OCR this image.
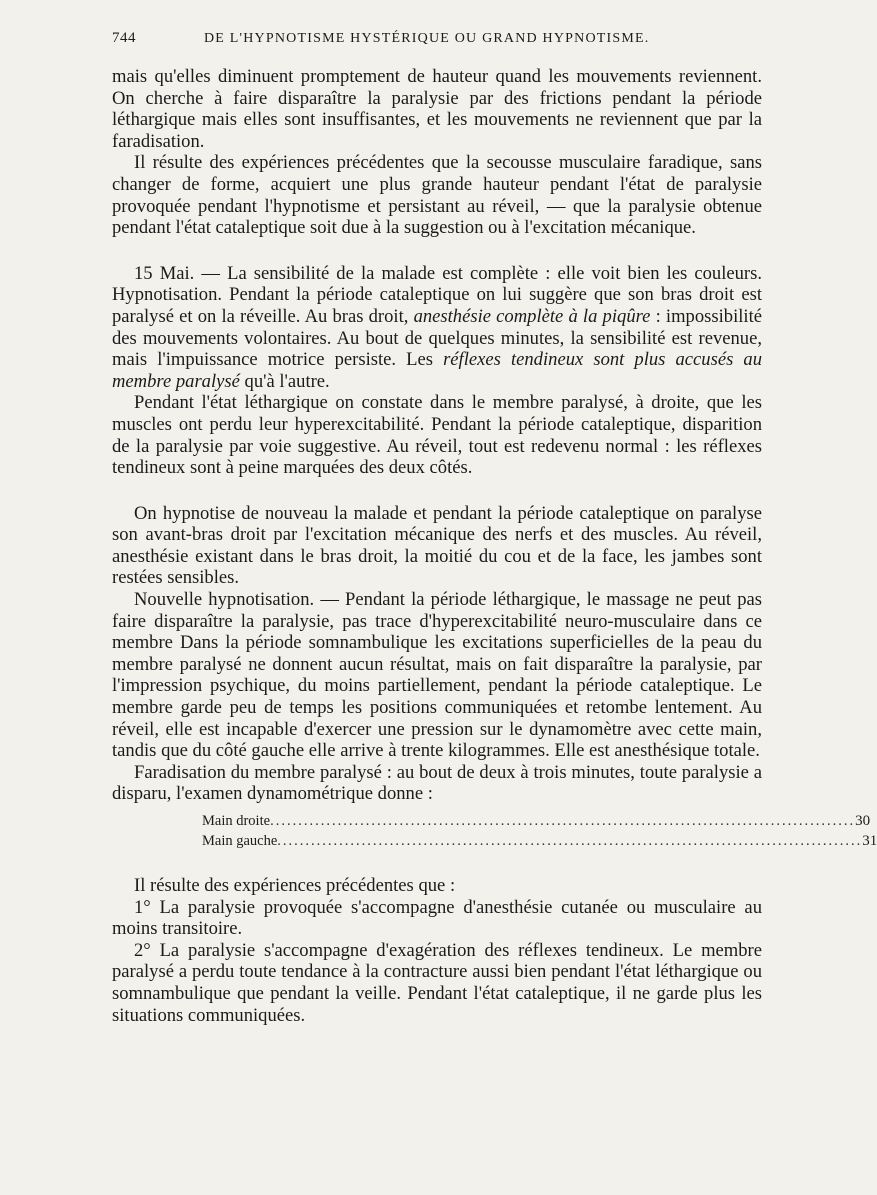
744	DE L'HYPNOTISME HYSTÉRIQUE OU GRAND HYPNOTISME.

mais qu'elles diminuent promptement de hauteur quand les mouvements reviennent. On cherche à faire disparaître la paralysie par des frictions pendant la période léthargique mais elles sont insuffisantes, et les mouvements ne reviennent que par la faradisation.

Il résulte des expériences précédentes que la secousse musculaire faradique, sans changer de forme, acquiert une plus grande hauteur pendant l'état de paralysie provoquée pendant l'hypnotisme et persistant au réveil, — que la paralysie obtenue pendant l'état cataleptique soit due à la suggestion ou à l'excitation mécanique.

15 Mai. — La sensibilité de la malade est complète : elle voit bien les couleurs. Hypnotisation. Pendant la période cataleptique on lui suggère que son bras droit est paralysé et on la réveille. Au bras droit, anesthésie complète à la piqûre : impossibilité des mouvements volontaires. Au bout de quelques minutes, la sensibilité est revenue, mais l'impuissance motrice persiste. Les réflexes tendineux sont plus accusés au membre paralysé qu'à l'autre.

Pendant l'état léthargique on constate dans le membre paralysé, à droite, que les muscles ont perdu leur hyperexcitabilité. Pendant la période cataleptique, disparition de la paralysie par voie suggestive. Au réveil, tout est redevenu normal : les réflexes tendineux sont à peine marquées des deux côtés.

On hypnotise de nouveau la malade et pendant la période cataleptique on paralyse son avant-bras droit par l'excitation mécanique des nerfs et des muscles. Au réveil, anesthésie existant dans le bras droit, la moitié du cou et de la face, les jambes sont restées sensibles.

Nouvelle hypnotisation. — Pendant la période léthargique, le massage ne peut pas faire disparaître la paralysie, pas trace d'hyperexcitabilité neuro-musculaire dans ce membre Dans la période somnambulique les excitations superficielles de la peau du membre paralysé ne donnent aucun résultat, mais on fait disparaître la paralysie, par l'impression psychique, du moins partiellement, pendant la période cataleptique. Le membre garde peu de temps les positions communiquées et retombe lentement. Au réveil, elle est incapable d'exercer une pression sur le dynamomètre avec cette main, tandis que du côté gauche elle arrive à trente kilogrammes. Elle est anesthésique totale.

Faradisation du membre paralysé : au bout de deux à trois minutes, toute paralysie a disparu, l'examen dynamométrique donne :

Main droite ........................................................................................................ 30
Main gauche ........................................................................................................ 31

Il résulte des expériences précédentes que :

1° La paralysie provoquée s'accompagne d'anesthésie cutanée ou musculaire au moins transitoire.

2° La paralysie s'accompagne d'exagération des réflexes tendineux. Le membre paralysé a perdu toute tendance à la contracture aussi bien pendant l'état léthargique ou somnambulique que pendant la veille. Pendant l'état cataleptique, il ne garde plus les situations communiquées.
